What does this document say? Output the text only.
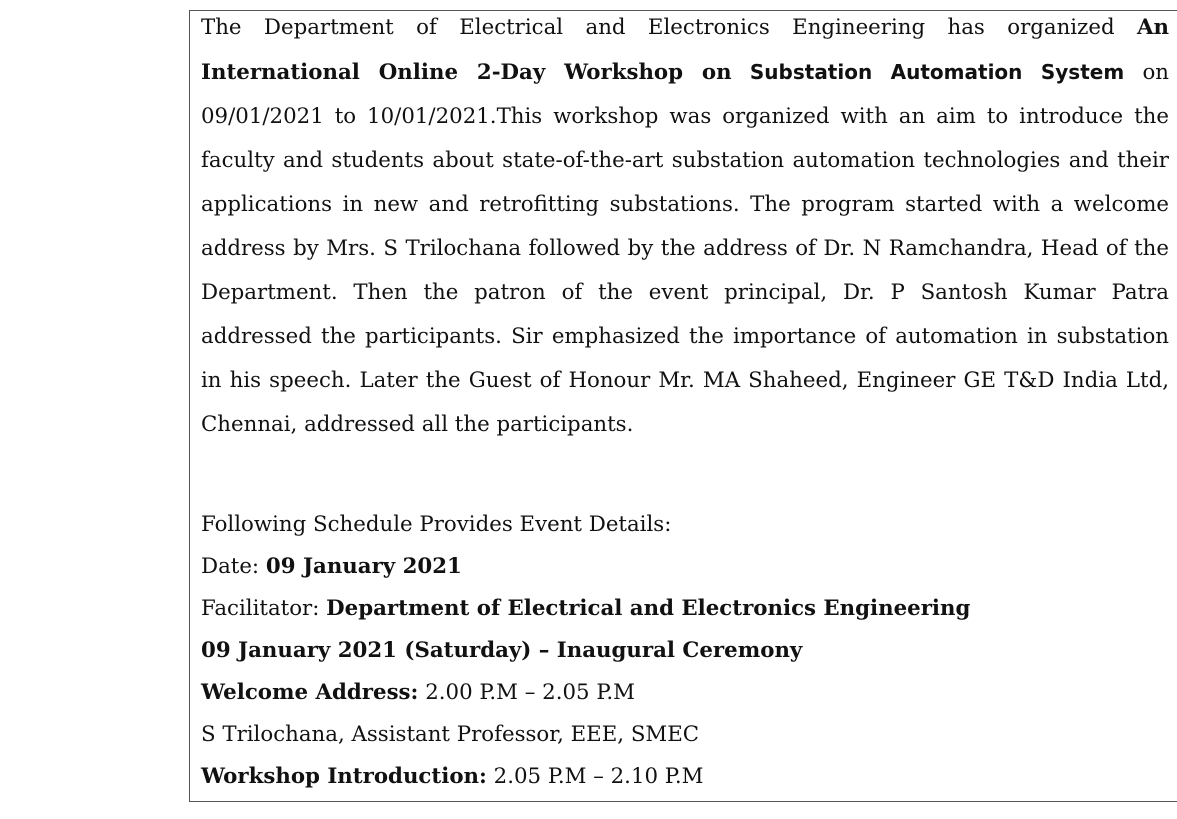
The Department of Electrical and Electronics Engineering has organized An International Online 2-Day Workshop on Substation Automation System on 09/01/2021 to 10/01/2021.This workshop was organized with an aim to introduce the faculty and students about state-of-the-art substation automation technologies and their applications in new and retrofitting substations. The program started with a welcome address by Mrs. S Trilochana followed by the address of Dr. N Ramchandra, Head of the Department. Then the patron of the event principal, Dr. P Santosh Kumar Patra addressed the participants. Sir emphasized the importance of automation in substation in his speech. Later the Guest of Honour Mr. MA Shaheed, Engineer GE T&D India Ltd, Chennai, addressed all the participants.
Following Schedule Provides Event Details:
Date: 09 January 2021
Facilitator: Department of Electrical and Electronics Engineering
09 January 2021 (Saturday) – Inaugural Ceremony
Welcome Address: 2.00 P.M – 2.05 P.M
S Trilochana, Assistant Professor, EEE, SMEC
Workshop Introduction: 2.05 P.M – 2.10 P.M
